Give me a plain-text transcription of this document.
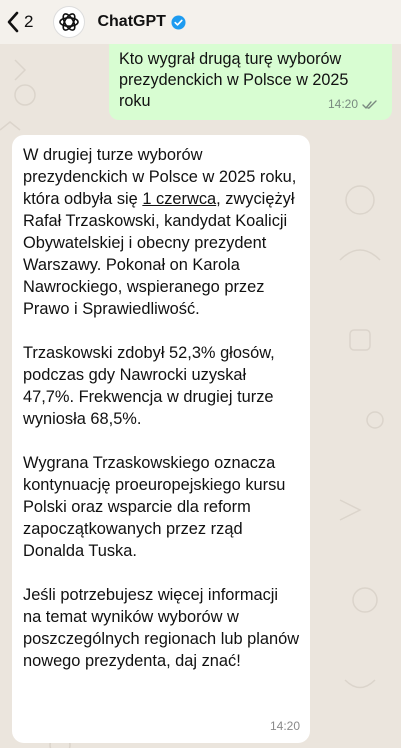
2	ChatGPT
Kto wygrał drugą turę wyborów prezydenckich w Polsce w 2025 roku	14:20

W drugiej turze wyborów prezydenckich w Polsce w 2025 roku, która odbyła się 1 czerwca, zwyciężył Rafał Trzaskowski, kandydat Koalicji Obywatelskiej i obecny prezydent Warszawy. Pokonał on Karola Nawrockiego, wspieranego przez Prawo i Sprawiedliwość.

Trzaskowski zdobył 52,3% głosów, podczas gdy Nawrocki uzyskał 47,7%. Frekwencja w drugiej turze wyniosła 68,5%.

Wygrana Trzaskowskiego oznacza kontynuację proeuropejskiego kursu Polski oraz wsparcie dla reform zapoczątkowanych przez rząd Donalda Tuska.

Jeśli potrzebujesz więcej informacji na temat wyników wyborów w poszczególnych regionach lub planów nowego prezydenta, daj znać!

14:20
